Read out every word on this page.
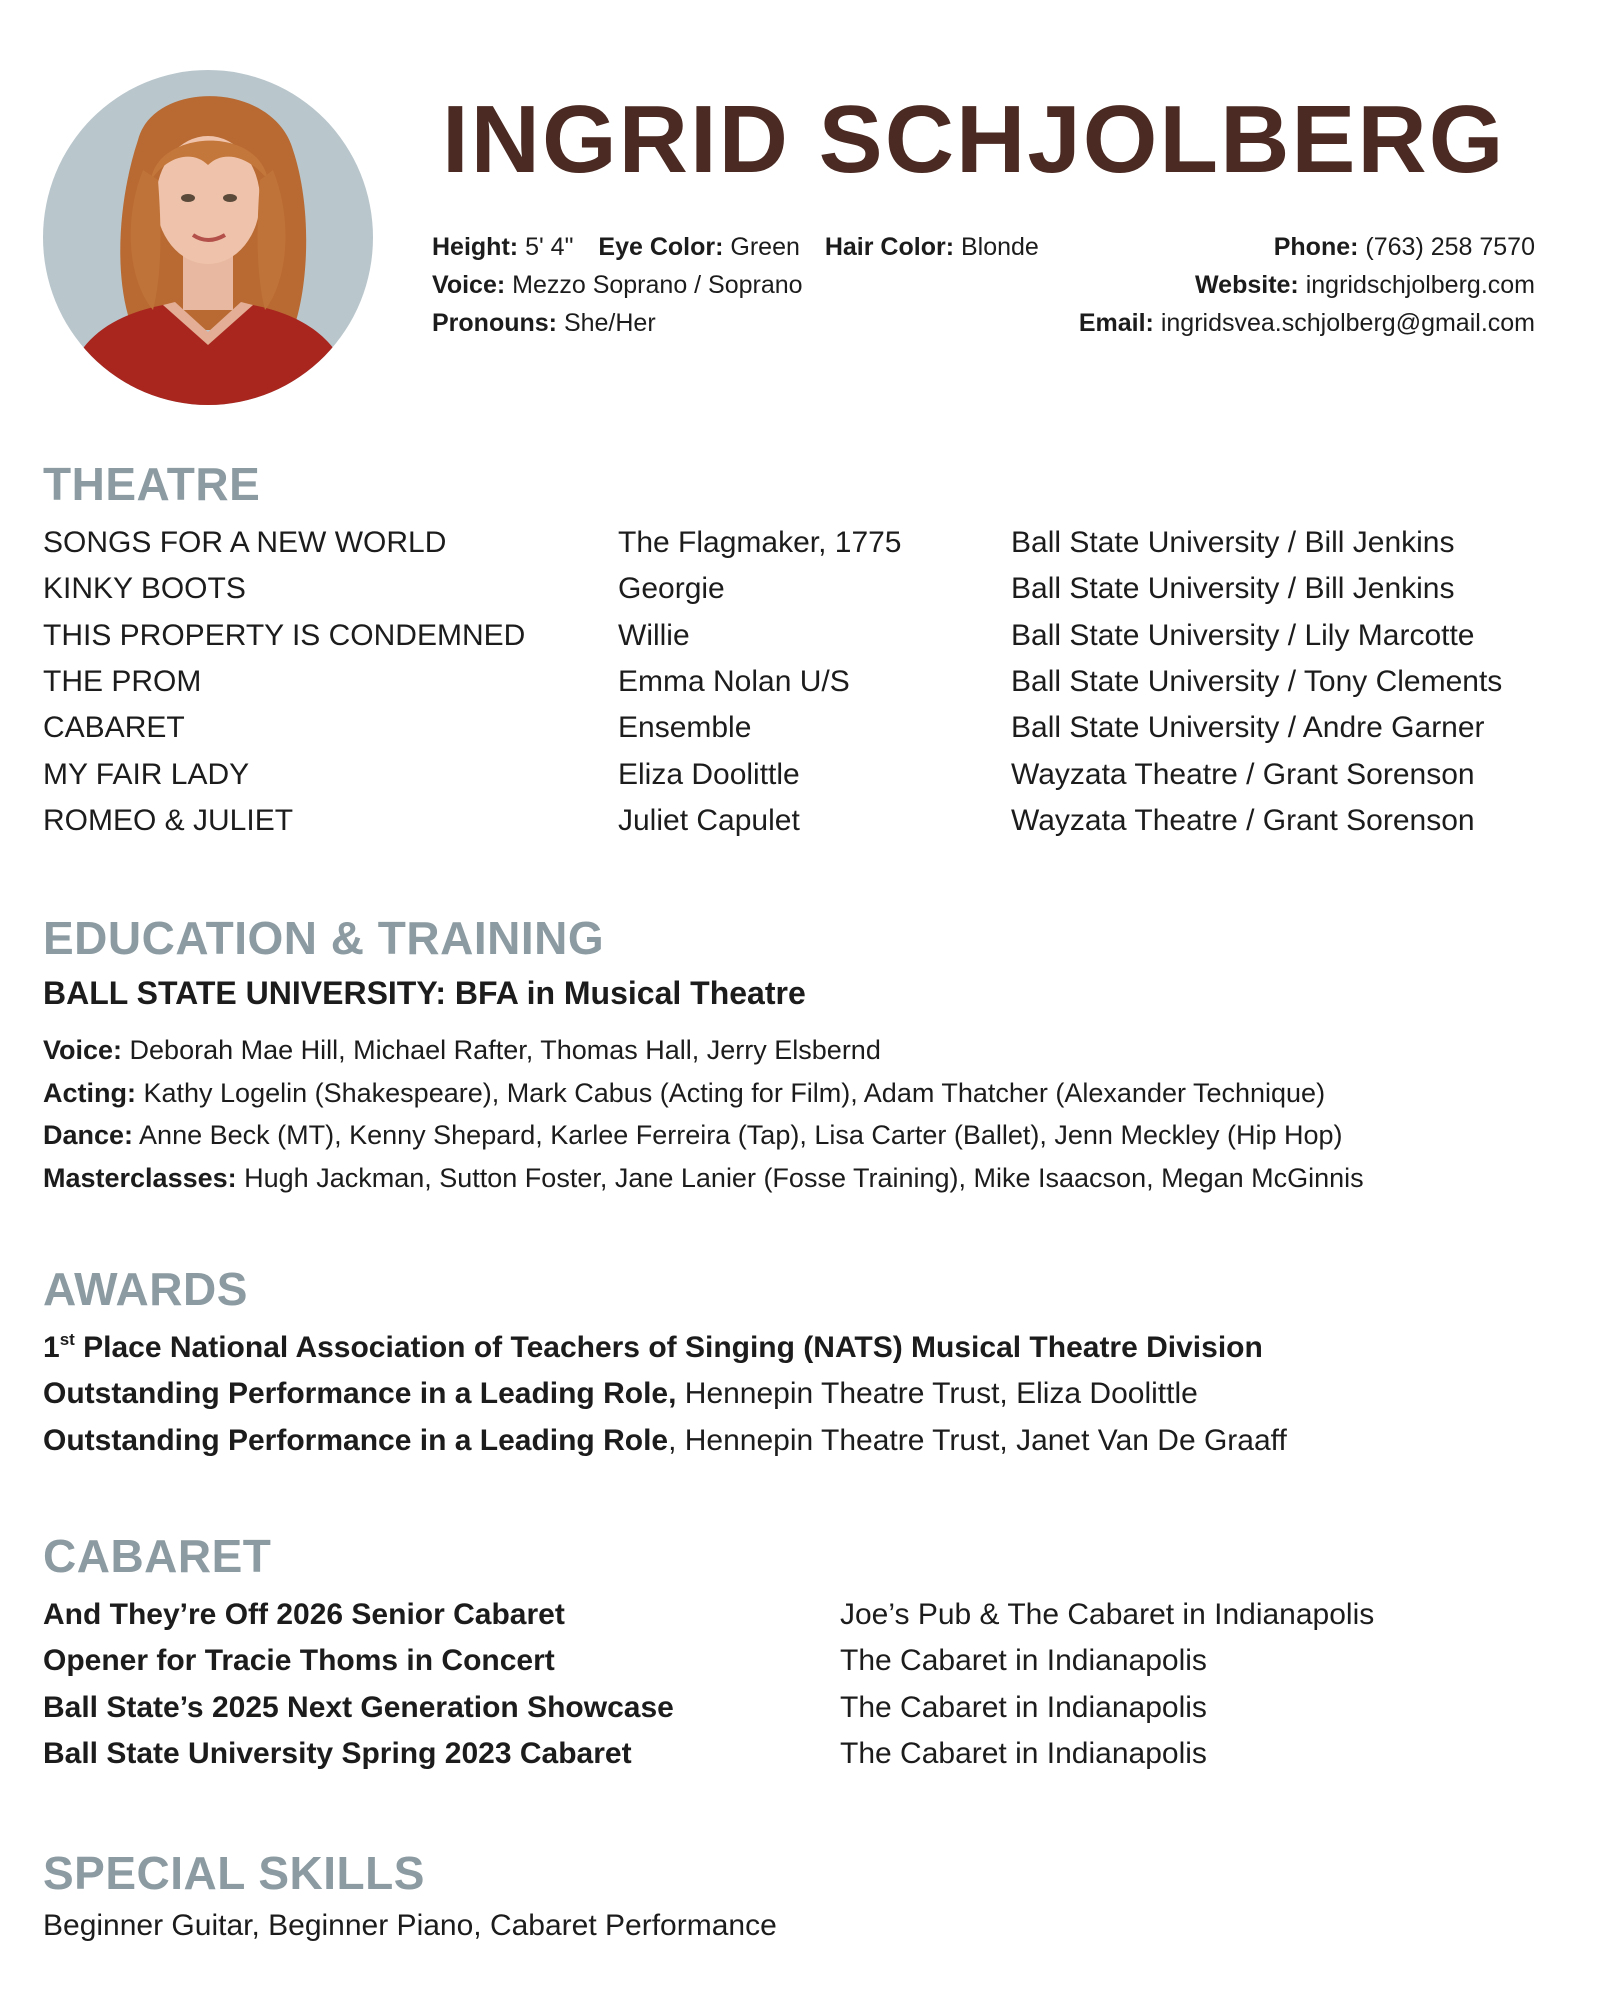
INGRID SCHJOLBERG
Height: 5' 4" Eye Color: Green Hair Color: Blonde
Voice: Mezzo Soprano / Soprano
Pronouns: She/Her
Phone: (763) 258 7570
Website: ingridschjolberg.com
Email: ingridsvea.schjolberg@gmail.com
THEATRE
SONGS FOR A NEW WORLD	The Flagmaker, 1775	Ball State University / Bill Jenkins
KINKY BOOTS	Georgie	Ball State University / Bill Jenkins
THIS PROPERTY IS CONDEMNED	Willie	Ball State University / Lily Marcotte
THE PROM	Emma Nolan U/S	Ball State University / Tony Clements
CABARET	Ensemble	Ball State University / Andre Garner
MY FAIR LADY	Eliza Doolittle	Wayzata Theatre / Grant Sorenson
ROMEO & JULIET	Juliet Capulet	Wayzata Theatre / Grant Sorenson
EDUCATION & TRAINING
BALL STATE UNIVERSITY: BFA in Musical Theatre
Voice: Deborah Mae Hill, Michael Rafter, Thomas Hall, Jerry Elsbernd
Acting: Kathy Logelin (Shakespeare), Mark Cabus (Acting for Film), Adam Thatcher (Alexander Technique)
Dance: Anne Beck (MT), Kenny Shepard, Karlee Ferreira (Tap), Lisa Carter (Ballet), Jenn Meckley (Hip Hop)
Masterclasses: Hugh Jackman, Sutton Foster, Jane Lanier (Fosse Training), Mike Isaacson, Megan McGinnis
AWARDS
1st Place National Association of Teachers of Singing (NATS) Musical Theatre Division
Outstanding Performance in a Leading Role, Hennepin Theatre Trust, Eliza Doolittle
Outstanding Performance in a Leading Role, Hennepin Theatre Trust, Janet Van De Graaff
CABARET
And They’re Off 2026 Senior Cabaret	Joe’s Pub & The Cabaret in Indianapolis
Opener for Tracie Thoms in Concert	The Cabaret in Indianapolis
Ball State’s 2025 Next Generation Showcase	The Cabaret in Indianapolis
Ball State University Spring 2023 Cabaret	The Cabaret in Indianapolis
SPECIAL SKILLS
Beginner Guitar, Beginner Piano, Cabaret Performance
